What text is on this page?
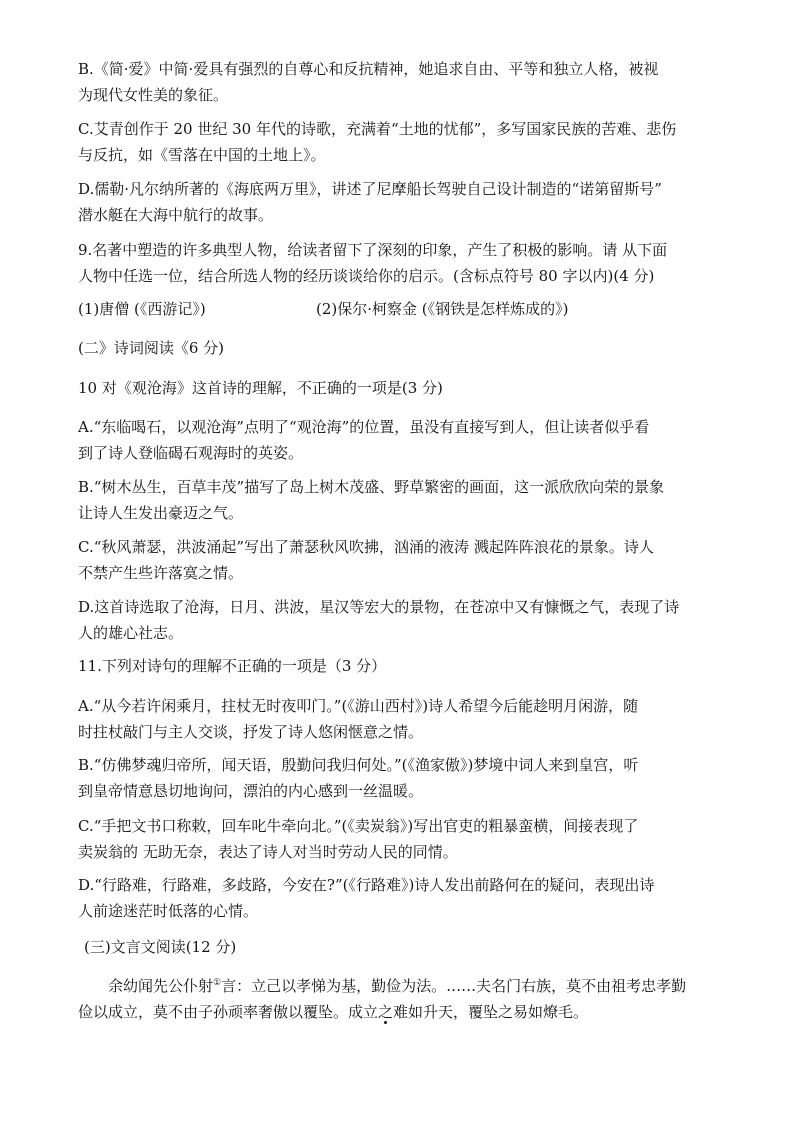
B.《简·爱》中简·爱具有强烈的自尊心和反抗精神，她追求自由、平等和独立人格，被视
为现代女性美的象征。
C.艾青创作于 20 世纪 30 年代的诗歌，充满着“土地的忧郁”，多写国家民族的苦难、悲伤
与反抗，如《雪落在中国的土地上》。
D.儒勒·凡尔纳所著的《海底两万里》，讲述了尼摩船长驾驶自己设计制造的“诺第留斯号”
潜水艇在大海中航行的故事。
9.名著中塑造的许多典型人物，给读者留下了深刻的印象，产生了积极的影响。请 从下面
人物中任选一位，结合所选人物的经历谈谈给你的启示。(含标点符号 80 字以内)(4 分)
(1)唐僧 (《西游记》)	(2)保尔·柯察金 (《钢铁是怎样炼成的》)
(二》诗词阅读《6 分)
10 对《观沧海》这首诗的理解，不正确的一项是(3 分)
A.“东临喝石，以观沧海”点明了“观沧海”的位置，虽没有直接写到人，但让读者似乎看
到了诗人登临碣石观海时的英姿。
B.“树木丛生，百草丰茂”描写了岛上树木茂盛、野草繁密的画面，这一派欣欣向荣的景象
让诗人生发出豪迈之气。
C.“秋风萧瑟，洪波涌起”写出了萧瑟秋风吹拂，汹涌的液涛 溅起阵阵浪花的景象。诗人
不禁产生些许落寞之情。
D.这首诗选取了沧海，日月、洪波，星汉等宏大的景物，在苍凉中又有慷慨之气，表现了诗
人的雄心社志。
11.下列对诗句的理解不正确的一项是（3 分）
A.“从今若许闲乘月，拄杖无时夜叩门。”(《游山西村》)诗人希望今后能趁明月闲游，随
时拄杖敲门与主人交谈，抒发了诗人悠闲惬意之情。
B.“仿佛梦魂归帝所，闻天语，殷勤问我归何处。”(《渔家傲》)梦境中词人来到皇宫，听
到皇帝情意恳切地询问，漂泊的内心感到一丝温暖。
C.“手把文书口称敕，回车叱牛牵向北。”(《卖炭翁》)写出官吏的粗暴蛮横，间接表现了
卖炭翁的 无助无奈，表达了诗人对当时劳动人民的同情。
D.“行路难，行路难，多歧路，今安在?”(《行路难》)诗人发出前路何在的疑问，表现出诗
人前途迷茫时低落的心情。
(三)文言文阅读(12 分)
余幼闻先公仆射①言：立己以孝悌为基，勤俭为法。……夫名门右族，莫不由祖考忠孝勤
俭以成立，莫不由子孙顽率奢傲以覆坠。成立之难如升天，覆坠之易如燎毛。
